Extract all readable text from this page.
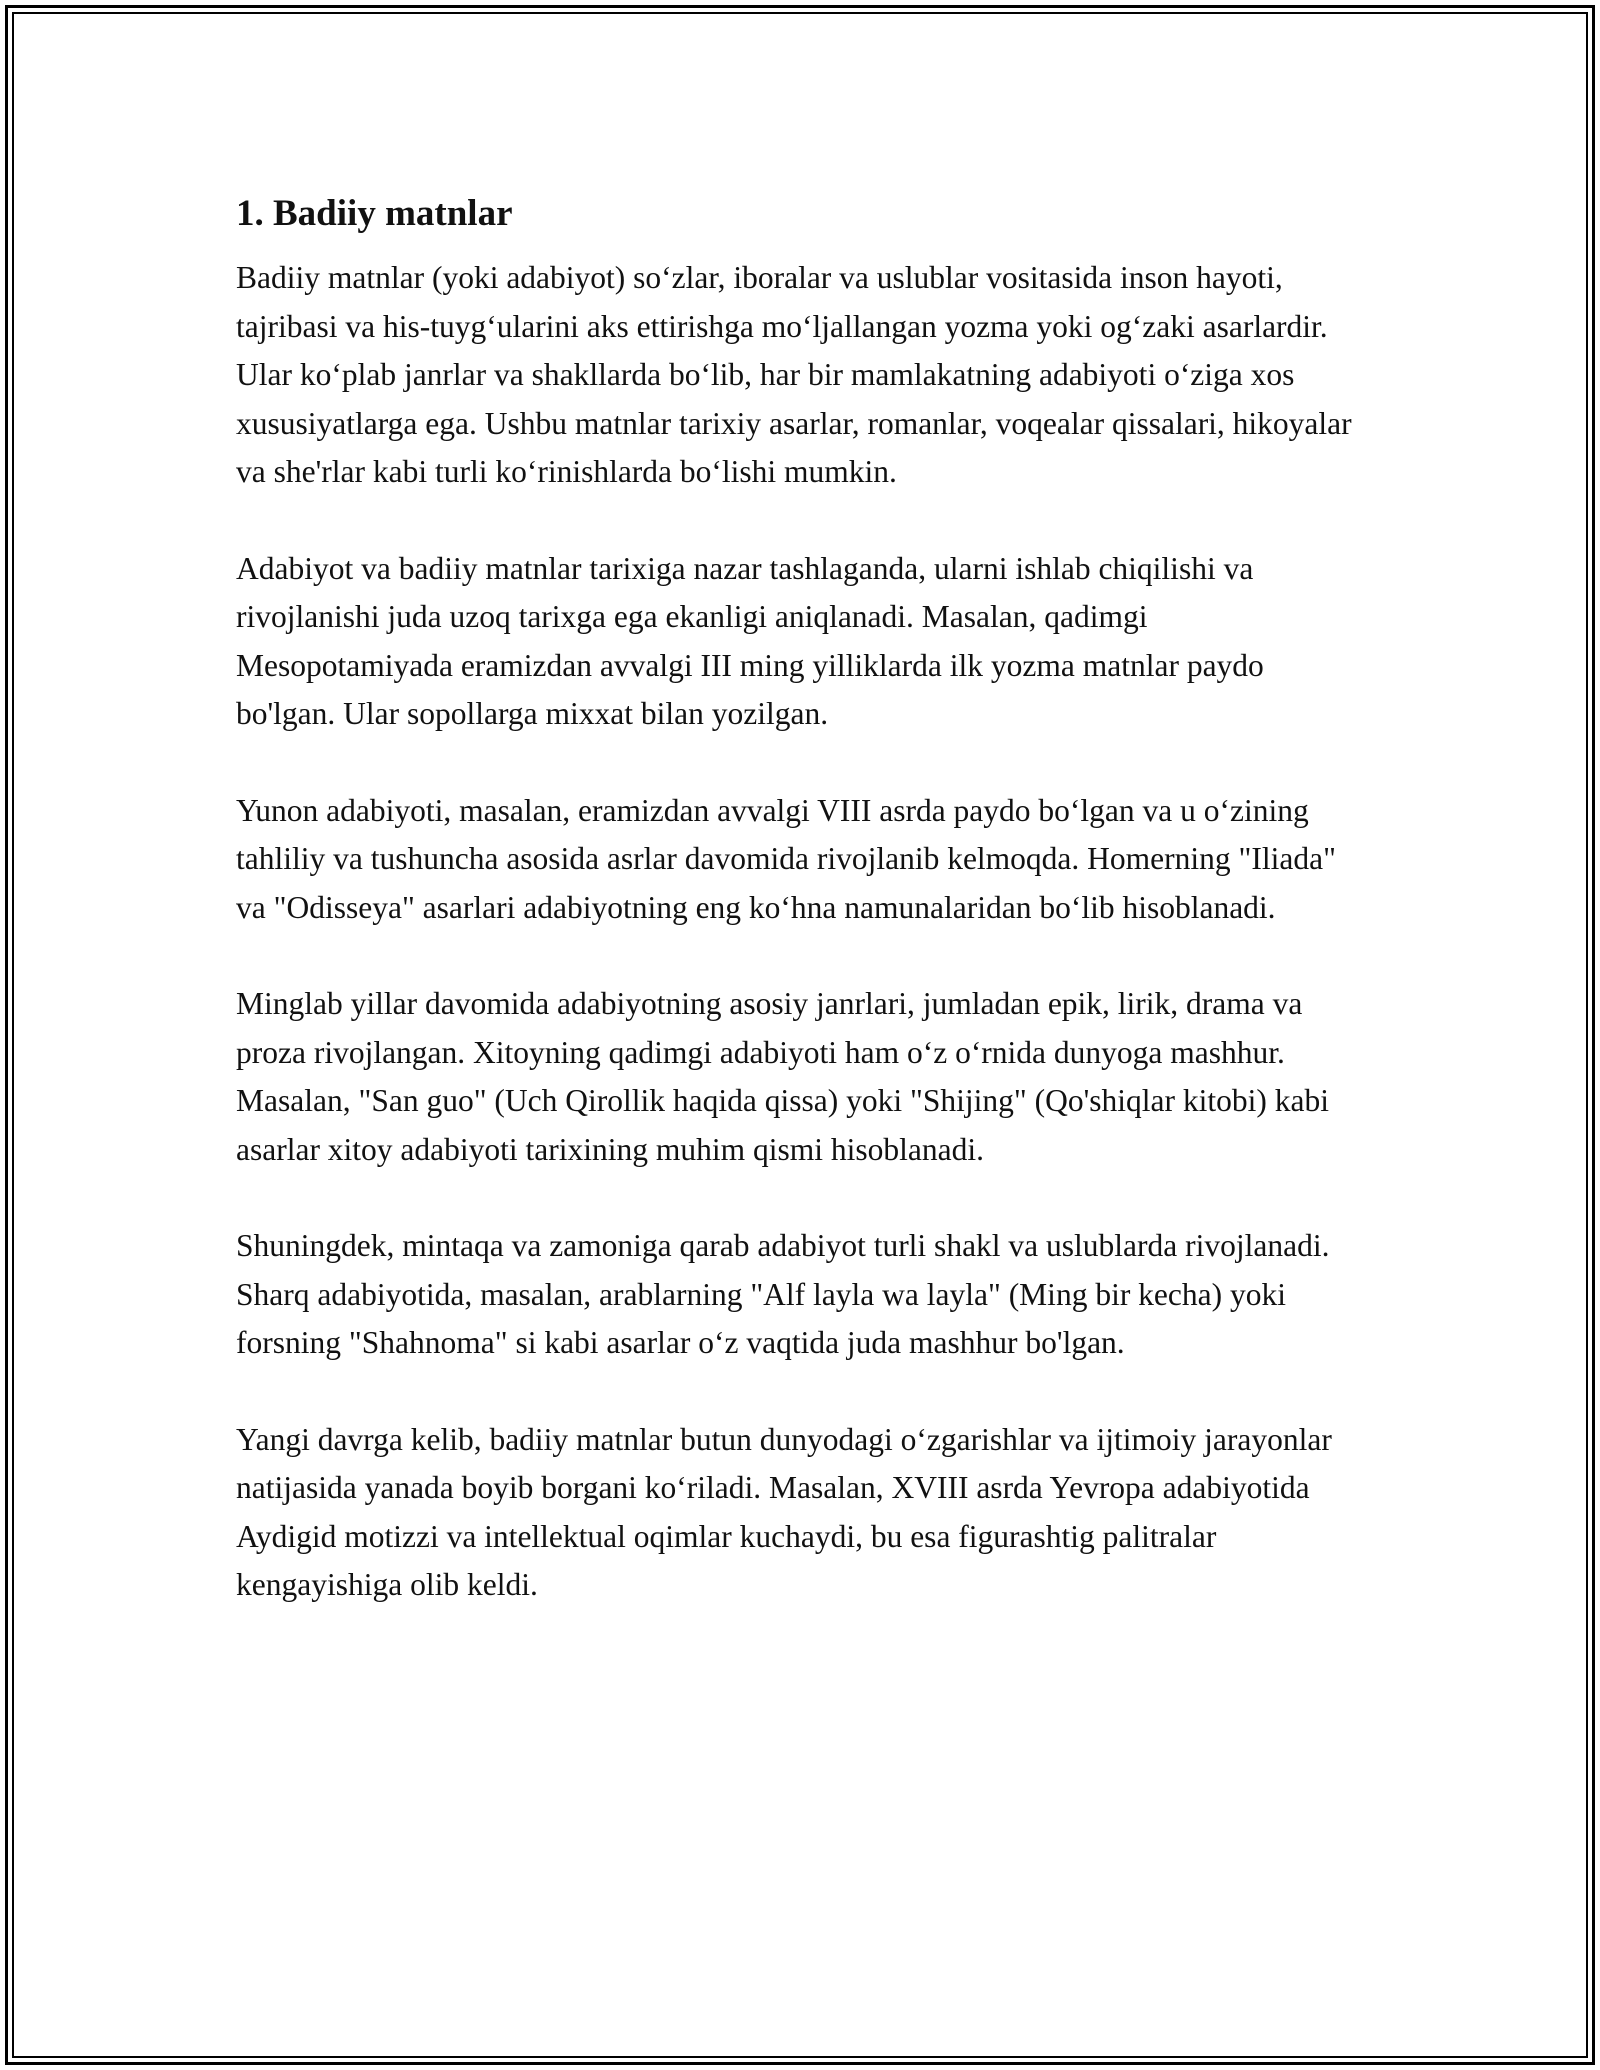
1. Badiiy matnlar

Badiiy matnlar (yoki adabiyot) so‘zlar, iboralar va uslublar vositasida inson hayoti, tajribasi va his-tuyg‘ularini aks ettirishga mo‘ljallangan yozma yoki og‘zaki asarlardir. Ular ko‘plab janrlar va shakllarda bo‘lib, har bir mamlakatning adabiyoti o‘ziga xos xususiyatlarga ega. Ushbu matnlar tarixiy asarlar, romanlar, voqealar qissalari, hikoyalar va she'rlar kabi turli ko‘rinishlarda bo‘lishi mumkin.

Adabiyot va badiiy matnlar tarixiga nazar tashlaganda, ularni ishlab chiqilishi va rivojlanishi juda uzoq tarixga ega ekanligi aniqlanadi. Masalan, qadimgi Mesopotamiyada eramizdan avvalgi III ming yilliklarda ilk yozma matnlar paydo bo'lgan. Ular sopollarga mixxat bilan yozilgan.

Yunon adabiyoti, masalan, eramizdan avvalgi VIII asrda paydo bo‘lgan va u o‘zining tahliliy va tushuncha asosida asrlar davomida rivojlanib kelmoqda. Homerning "Iliada" va "Odisseya" asarlari adabiyotning eng ko‘hna namunalaridan bo‘lib hisoblanadi.

Minglab yillar davomida adabiyotning asosiy janrlari, jumladan epik, lirik, drama va proza rivojlangan. Xitoyning qadimgi adabiyoti ham o‘z o‘rnida dunyoga mashhur. Masalan, "San guo" (Uch Qirollik haqida qissa) yoki "Shijing" (Qo'shiqlar kitobi) kabi asarlar xitoy adabiyoti tarixining muhim qismi hisoblanadi.

Shuningdek, mintaqa va zamoniga qarab adabiyot turli shakl va uslublarda rivojlanadi. Sharq adabiyotida, masalan, arablarning "Alf layla wa layla" (Ming bir kecha) yoki forsning "Shahnoma" si kabi asarlar o‘z vaqtida juda mashhur bo'lgan.

Yangi davrga kelib, badiiy matnlar butun dunyodagi o‘zgarishlar va ijtimoiy jarayonlar natijasida yanada boyib borgani ko‘riladi. Masalan, XVIII asrda Yevropa adabiyotida Aydigid motizzi va intellektual oqimlar kuchaydi, bu esa figurashtig palitralar kengayishiga olib keldi.
